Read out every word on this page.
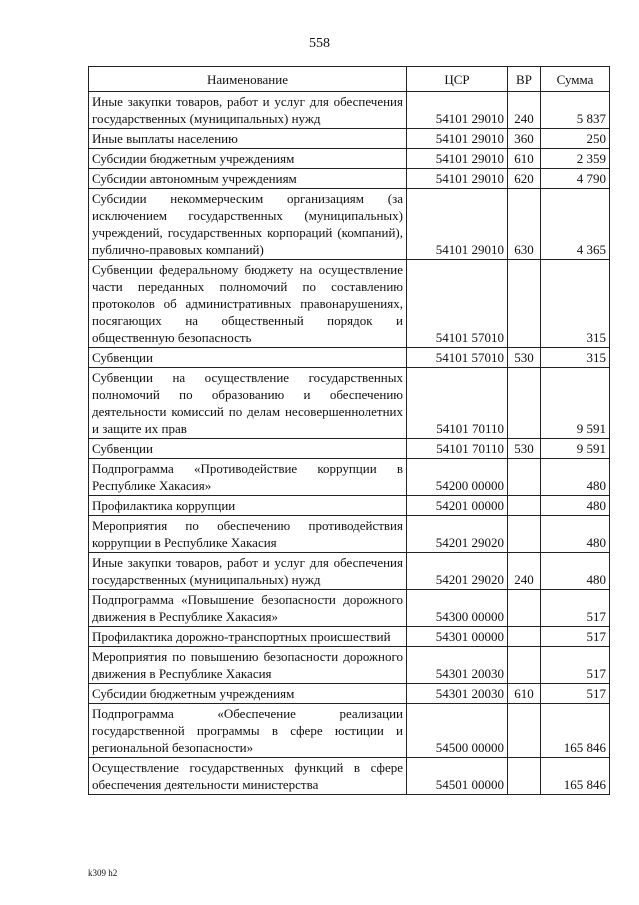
558
Наименование	ЦСР	ВР	Сумма
Иные закупки товаров, работ и услуг для обеспечения государственных (муниципальных) нужд	54101 29010	240	5 837
Иные выплаты населению	54101 29010	360	250
Субсидии бюджетным учреждениям	54101 29010	610	2 359
Субсидии автономным учреждениям	54101 29010	620	4 790
Субсидии некоммерческим организациям (за исключением государственных (муниципальных) учреждений, государственных корпораций (компаний), публично-правовых компаний)	54101 29010	630	4 365
Субвенции федеральному бюджету на осуществление части переданных полномочий по составлению протоколов об административных правонарушениях, посягающих на общественный порядок и общественную безопасность	54101 57010		315
Субвенции	54101 57010	530	315
Субвенции на осуществление государственных полномочий по образованию и обеспечению деятельности комиссий по делам несовершеннолетних и защите их прав	54101 70110		9 591
Субвенции	54101 70110	530	9 591
Подпрограмма «Противодействие коррупции в Республике Хакасия»	54200 00000		480
Профилактика коррупции	54201 00000		480
Мероприятия по обеспечению противодействия коррупции в Республике Хакасия	54201 29020		480
Иные закупки товаров, работ и услуг для обеспечения государственных (муниципальных) нужд	54201 29020	240	480
Подпрограмма «Повышение безопасности дорожного движения в Республике Хакасия»	54300 00000		517
Профилактика дорожно-транспортных происшествий	54301 00000		517
Мероприятия по повышению безопасности дорожного движения в Республике Хакасия	54301 20030		517
Субсидии бюджетным учреждениям	54301 20030	610	517
Подпрограмма «Обеспечение реализации государственной программы в сфере юстиции и региональной безопасности»	54500 00000		165 846
Осуществление государственных функций в сфере обеспечения деятельности министерства	54501 00000		165 846
k309 h2
